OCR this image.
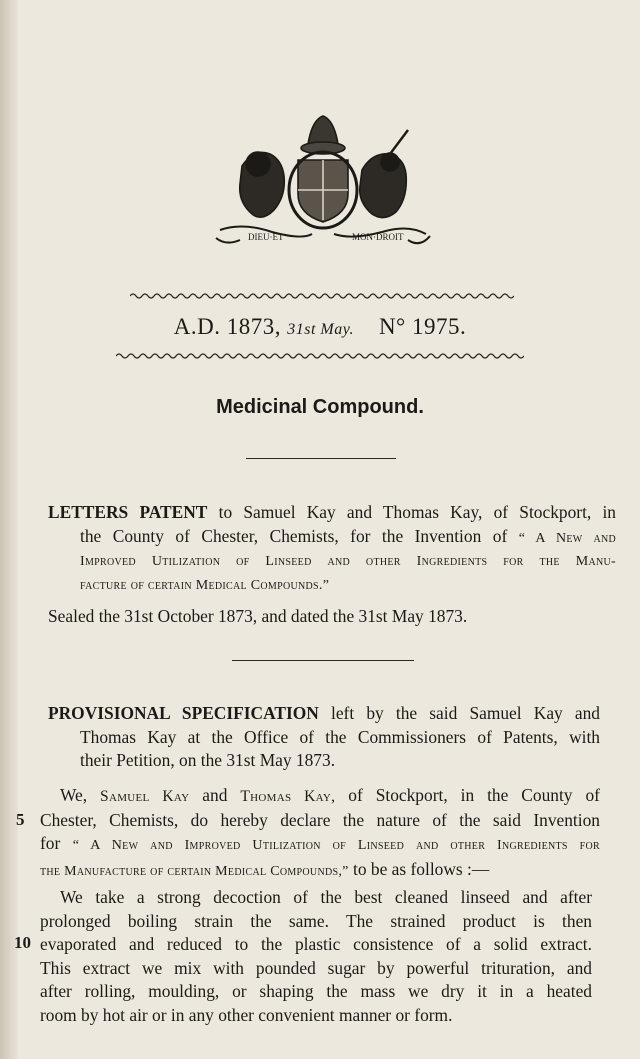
DIEU·ET	MON·DROIT
A.D. 1873, 31st May. N° 1975.
Medicinal Compound.
LETTERS PATENT to Samuel Kay and Thomas Kay, of Stockport, in
the County of Chester, Chemists, for the Invention of “ A New and
Improved Utilization of Linseed and other Ingredients for the Manu-
facture of certain Medical Compounds.”
Sealed the 31st October 1873, and dated the 31st May 1873.
PROVISIONAL SPECIFICATION left by the said Samuel Kay and
Thomas Kay at the Office of the Commissioners of Patents, with
their Petition, on the 31st May 1873.
We, Samuel Kay and Thomas Kay, of Stockport, in the County of
Chester, Chemists, do hereby declare the nature of the said Invention
for “ A New and Improved Utilization of Linseed and other Ingredients for
the Manufacture of certain Medical Compounds,” to be as follows :—
We take a strong decoction of the best cleaned linseed and after
prolonged boiling strain the same. The strained product is then
evaporated and reduced to the plastic consistence of a solid extract.
This extract we mix with pounded sugar by powerful trituration, and
after rolling, moulding, or shaping the mass we dry it in a heated
room by hot air or in any other convenient manner or form.
5
10
